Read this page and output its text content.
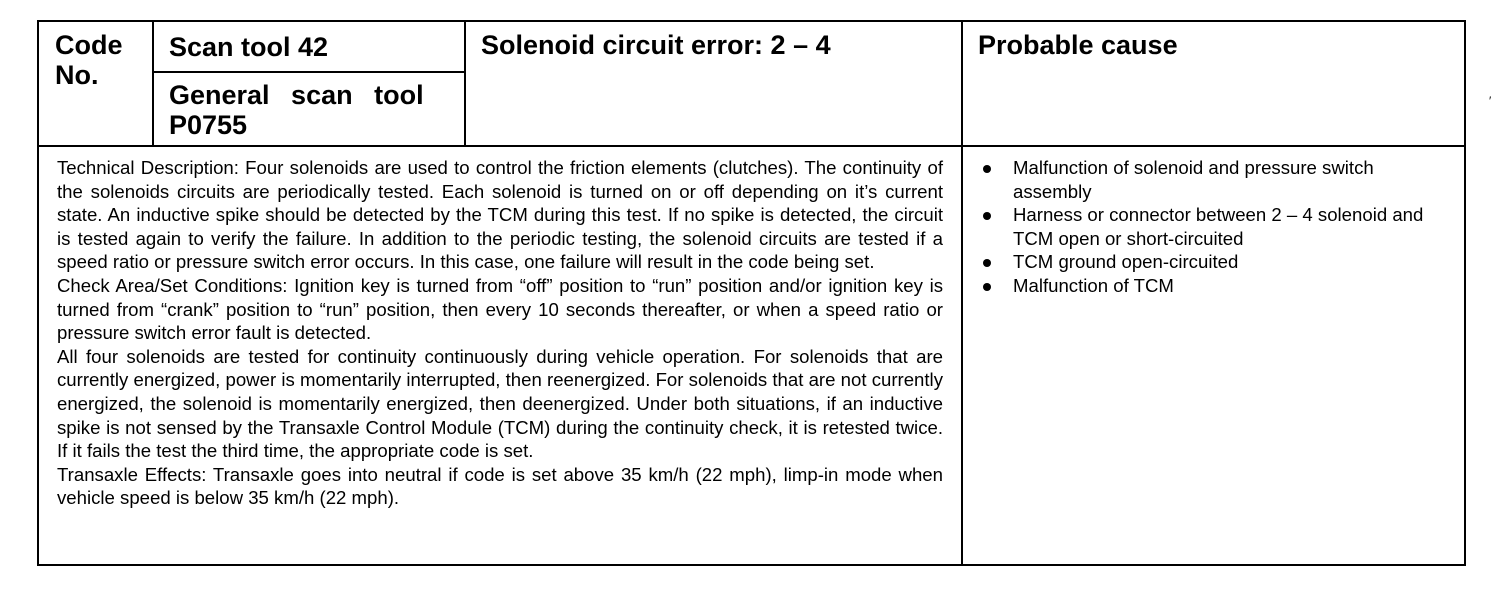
Code No.
Scan tool 42
General scan tool P0755
Solenoid circuit error: 2 – 4	Probable cause

Technical Description: Four solenoids are used to control the friction elements (clutches). The continuity of the solenoids circuits are periodically tested. Each solenoid is turned on or off depending on it’s current state. An inductive spike should be detected by the TCM during this test. If no spike is detected, the circuit is tested again to verify the failure. In addition to the periodic testing, the solenoid circuits are tested if a speed ratio or pressure switch error occurs. In this case, one failure will result in the code being set.

Check Area/Set Conditions: Ignition key is turned from “off” position to “run” position and/or ignition key is turned from “crank” position to “run” position, then every 10 seconds thereafter, or when a speed ratio or pressure switch error fault is detected.

All four solenoids are tested for continuity continuously during vehicle operation. For solenoids that are currently energized, power is momentarily interrupted, then reenergized. For solenoids that are not currently energized, the solenoid is momentarily energized, then deenergized. Under both situations, if an inductive spike is not sensed by the Transaxle Control Module (TCM) during the continuity check, it is retested twice. If it fails the test the third time, the appropriate code is set.

Transaxle Effects: Transaxle goes into neutral if code is set above 35 km/h (22 mph), limp-in mode when vehicle speed is below 35 km/h (22 mph).

Malfunction of solenoid and pressure switch assembly
Harness or connector between 2 – 4 solenoid and TCM open or short-circuited
TCM ground open-circuited
Malfunction of TCM
′
